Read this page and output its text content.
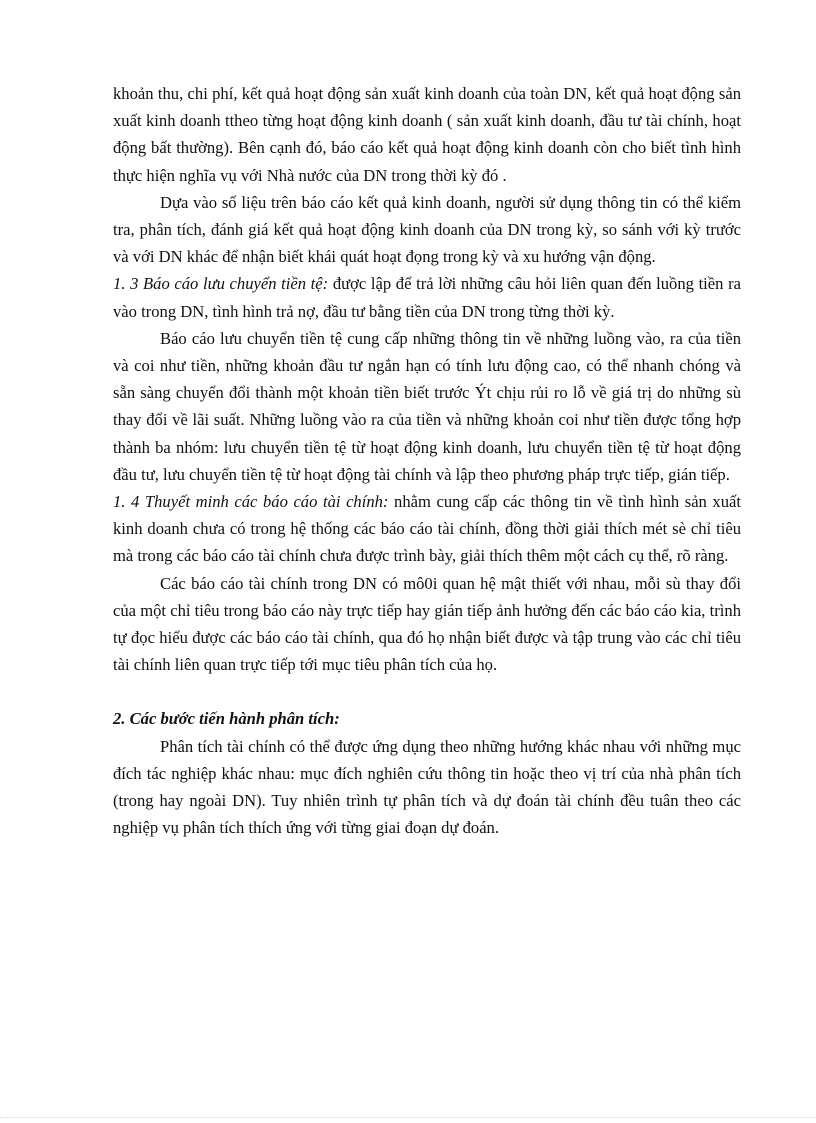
khoản thu, chi phí, kết quả hoạt động sản xuất kinh doanh của toàn DN, kết quả hoạt động sản xuất kinh doanh ttheo từng hoạt động kinh doanh ( sản xuất kinh doanh, đầu tư tài chính, hoạt động bất thường). Bên cạnh đó, báo cáo kết quả hoạt động kinh doanh còn cho biết tình hình thực hiện nghĩa vụ với Nhà nước của DN trong thời kỳ đó .

Dựa vào số liệu trên báo cáo kết quả kinh doanh, người sử dụng thông tin có thể kiểm tra, phân tích, đánh giá kết quả hoạt động kinh doanh của DN trong kỳ, so sánh với kỳ trước và với DN khác để nhận biết khái quát hoạt đọng trong kỳ và xu hướng vận động.

1. 3 Báo cáo lưu chuyển tiền tệ: được lập để trả lời những câu hỏi liên quan đến luồng tiền ra vào trong DN, tình hình trả nợ, đầu tư bằng tiền của DN trong từng thời kỳ.

Báo cáo lưu chuyển tiền tệ cung cấp những thông tin về những luồng vào, ra của tiền và coi như tiền, những khoản đầu tư ngắn hạn có tính lưu động cao, có thể nhanh chóng và sẵn sàng chuyển đổi thành một khoản tiền biết trước Ýt chịu rủi ro lỗ về giá trị do những sù thay đổi về lãi suất. Những luồng vào ra của tiền và những khoản coi như tiền được tổng hợp thành ba nhóm: lưu chuyển tiền tệ từ hoạt động kinh doanh, lưu chuyển tiền tệ từ hoạt động đầu tư, lưu chuyển tiền tệ từ hoạt động tài chính và lập theo phương pháp trực tiếp, gián tiếp.

1. 4 Thuyết minh các báo cáo tài chính: nhằm cung cấp các thông tin về tình hình sản xuất kinh doanh chưa có trong hệ thống các báo cáo tài chính, đồng thời giải thích mét sè chỉ tiêu mà trong các báo cáo tài chính chưa được trình bày, giải thích thêm một cách cụ thể, rõ ràng.

Các báo cáo tài chính trong DN có mô0i quan hệ mật thiết với nhau, mỗi sù thay đổi của một chỉ tiêu trong báo cáo này trực tiếp hay gián tiếp ảnh hưởng đến các báo cáo kia, trình tự đọc hiểu được các báo cáo tài chính, qua đó họ nhận biết được và tập trung vào các chỉ tiêu tài chính liên quan trực tiếp tới mục tiêu phân tích của họ.

2. Các bước tiến hành phân tích:

Phân tích tài chính có thể được ứng dụng theo những hướng khác nhau với những mục đích tác nghiệp khác nhau: mục đích nghiên cứu thông tin hoặc theo vị trí của nhà phân tích (trong hay ngoài DN). Tuy nhiên trình tự phân tích và dự đoán tài chính đều tuân theo các nghiệp vụ phân tích thích ứng với từng giai đoạn dự đoán.
